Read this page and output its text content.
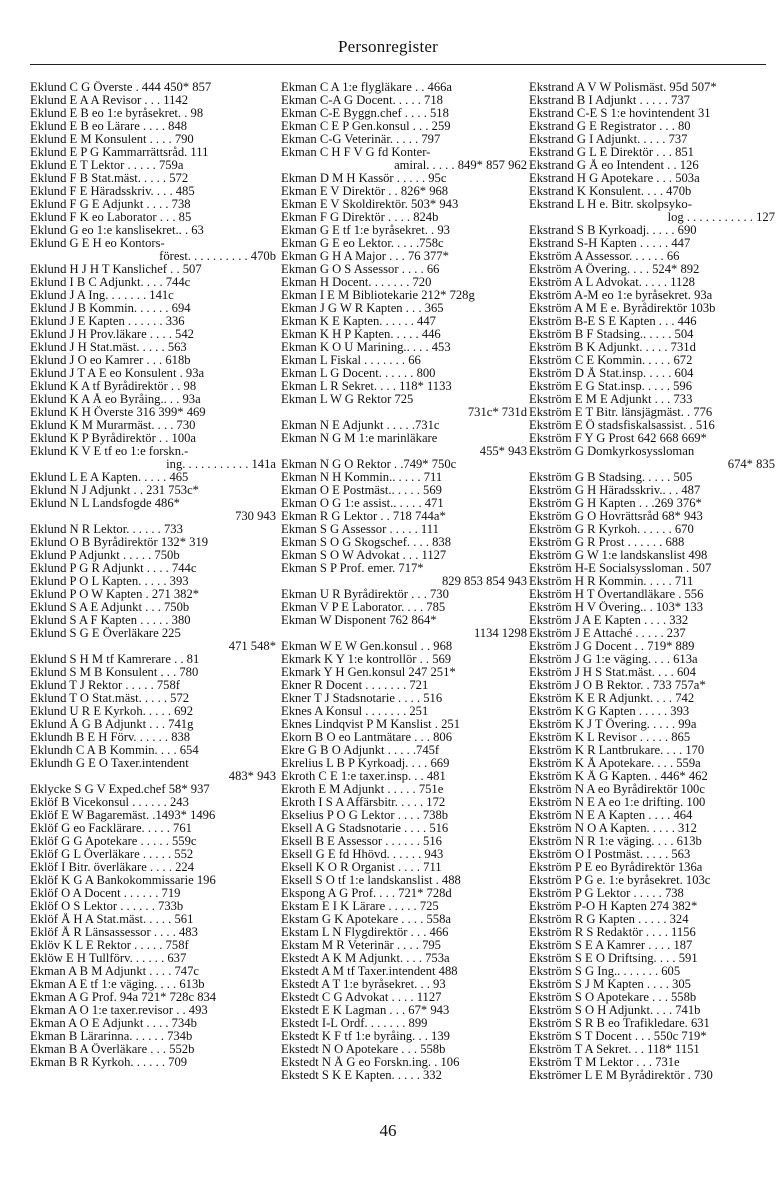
Personregister
Eklund C G Överste . 444 450* 857
Eklund E A A Revisor . . . 1142
Eklund E B eo 1:e byråsekret. . 98
Eklund E B eo Lärare . . . . 848
Eklund E M Konsulent . . . . 790
Eklund E P G Kammarrättsråd. 111
Eklund E T Lektor . . . . . 759a
Eklund F B Stat.mäst. . . . . 572
Eklund F E Häradsskriv. . . . 485
Eklund F G E Adjunkt . . . . 738
Eklund F K eo Laborator . . . 85
Eklund G eo 1:e kanslisekret.. . 63
Eklund G E H eo Kontors-
förest. . . . . . . . . . 470b
Eklund H J H T Kanslichef . . 507
Eklund I B C Adjunkt. . . . 744c
Eklund J A Ing. . . . . . . 141c
Eklund J B Kommin. . . . . . 694
Eklund J E Kapten . . . . . . 336
Eklund J H Prov.läkare . . . . 542
Eklund J H Stat.mäst. . . . . 563
Eklund J O eo Kamrer . . . 618b
Eklund J T A E eo Konsulent . 93a
Eklund K A tf Byrådirektör . . 98
Eklund K A Å eo Byråing.. . . 93a
Eklund K H Överste 316 399* 469
Eklund K M Murarmäst. . . . 730
Eklund K P Byrådirektör . . 100a
Eklund K V E tf eo 1:e forskn.-
ing. . . . . . . . . . . 141a
Eklund L E A Kapten. . . . . 465
Eklund N J Adjunkt . . 231 753c*
Eklund N L Landsfogde 486*
730 943
Eklund N R Lektor. . . . . . 733
Eklund O B Byrådirektör 132* 319
Eklund P Adjunkt . . . . . 750b
Eklund P G R Adjunkt . . . . 744c
Eklund P O L Kapten. . . . . 393
Eklund P O W Kapten . 271 382*
Eklund S A E Adjunkt . . . 750b
Eklund S A F Kapten . . . . . 380
Eklund S G E Överläkare 225
471 548*
Eklund S H M tf Kamrerare . . 81
Eklund S M B Konsulent . . . 780
Eklund T J Rektor . . . . . 758f
Eklund T O Stat.mäst. . . . . 572
Eklund U R E Kyrkoh. . . . . 692
Eklund Å G B Adjunkt . . . 741g
Eklundh B E H Förv. . . . . . 838
Eklundh C A B Kommin. . . . 654
Eklundh G E O Taxer.intendent
483* 943
Eklycke S G V Exped.chef 58* 937
Eklöf B Vicekonsul . . . . . . 243
Eklöf E W Bagaremäst. .1493* 1496
Eklöf G eo Facklärare. . . . . 761
Eklöf G G Apotekare . . . . . 559c
Eklöf G L Överläkare . . . . . 552
Eklöf I Bitr. överläkare . . . . 224
Eklöf K G A Bankokommissarie 196
Eklöf O A Docent . . . . . . 719
Eklöf O S Lektor . . . . . . 733b
Eklöf Å H A Stat.mäst. . . . . 561
Eklöf Å R Länsassessor . . . . 483
Eklöv K L E Rektor . . . . . 758f
Eklöw E H Tullförv. . . . . . 637
Ekman A B M Adjunkt . . . . 747c
Ekman A E tf 1:e väging. . . . 613b
Ekman A G Prof. 94a 721* 728c 834
Ekman A O 1:e taxer.revisor . . 493
Ekman A O E Adjunkt . . . . 734b
Ekman B Lärarinna. . . . . . 734b
Ekman B A Överläkare . . . 552b
Ekman B R Kyrkoh. . . . . . 709
Ekman C A 1:e flygläkare . . 466a
Ekman C-A G Docent. . . . . 718
Ekman C-E Byggn.chef . . . . 518
Ekman C E P Gen.konsul . . . 259
Ekman C-G Veterinär. . . . . 797
Ekman C H F V G fd Konter-
amiral. . . . . 849* 857 962
Ekman D M H Kassör . . . . . 95c
Ekman E V Direktör . . 826* 968
Ekman E V Skoldirektör. 503* 943
Ekman F G Direktör . . . . 824b
Ekman G E tf 1:e byråsekret. . 93
Ekman G E eo Lektor. . . . .758c
Ekman G H A Major . . . 76 377*
Ekman G O S Assessor . . . . 66
Ekman H Docent. . . . . . . 720
Ekman I E M Bibliotekarie 212* 728g
Ekman J G W R Kapten . . . 365
Ekman K E Kapten. . . . . . 447
Ekman K H P Kapten. . . . . 446
Ekman K O U Marining.. . . . 453
Ekman L Fiskal . . . . . . . 66
Ekman L G Docent. . . . . . 800
Ekman L R Sekret. . . . 118* 1133
Ekman L W G Rektor 725
731c* 731d
Ekman N E Adjunkt . . . . .731c
Ekman N G M 1:e marinläkare
455* 943
Ekman N G O Rektor . .749* 750c
Ekman N H Kommin.. . . . . 711
Ekman O E Postmäst.. . . . . 569
Ekman O G 1:e assist.. . . . . 471
Ekman R G Lektor . . 718 744a*
Ekman S G Assessor . . . . . 111
Ekman S O G Skogschef. . . . 838
Ekman S O W Advokat . . . 1127
Ekman S P Prof. emer. 717*
829 853 854 943
Ekman U R Byrådirektör . . . 730
Ekman V P E Laborator. . . . 785
Ekman W Disponent 762 864*
1134 1298
Ekman W E W Gen.konsul . . 968
Ekmark K Y 1:e kontrollör . . 569
Ekmark Y H Gen.konsul 247 251*
Ekner R Docent . . . . . . . 721
Ekner T J Stadsnotarie . . . . 516
Eknes A Konsul . . . . . . . 251
Eknes Lindqvist P M Kanslist . 251
Ekorn B O eo Lantmätare . . . 806
Ekre G B O Adjunkt . . . . .745f
Ekrelius L B P Kyrkoadj. . . . 669
Ekroth C E 1:e taxer.insp. . . 481
Ekroth E M Adjunkt . . . . . 751e
Ekroth I S A Affärsbitr. . . . . 172
Ekselius P O G Lektor . . . . 738b
Eksell A G Stadsnotarie . . . . 516
Eksell B E Assessor . . . . . . 516
Eksell G E fd Hhövd. . . . . . 943
Eksell K O R Organist . . . . 711
Eksell S O tf 1:e landskanslist . 488
Ekspong A G Prof. . . . 721* 728d
Ekstam E I K Lärare . . . . . 725
Ekstam G K Apotekare . . . . 558a
Ekstam L N Flygdirektör . . . 466
Ekstam M R Veterinär . . . . 795
Ekstedt A K M Adjunkt. . . . 753a
Ekstedt A M tf Taxer.intendent 488
Ekstedt A T 1:e byråsekret. . . 93
Ekstedt C G Advokat . . . . 1127
Ekstedt E K Lagman . . . 67* 943
Ekstedt I-L Ordf. . . . . . . 899
Ekstedt K F tf 1:e byråing. . . 139
Ekstedt N O Apotekare . . . 558b
Ekstedt N Å G eo Forskn.ing. . 106
Ekstedt S K E Kapten. . . . . 332
Ekstrand A V W Polismäst. 95d 507*
Ekstrand B I Adjunkt . . . . . 737
Ekstrand C-E S 1:e hovintendent 31
Ekstrand G E Registrator . . . 80
Ekstrand G I Adjunkt. . . . . 737
Ekstrand G L E Direktör . . . 851
Ekstrand G Å eo Intendent . . 126
Ekstrand H G Apotekare . . . 503a
Ekstrand K Konsulent. . . . 470b
Ekstrand L H e. Bitr. skolpsyko-
log . . . . . . . . . . . 127
Ekstrand S B Kyrkoadj. . . . . 690
Ekstrand S-H Kapten . . . . . 447
Ekström A Assessor. . . . . . 66
Ekström A Övering. . . . 524* 892
Ekström A L Advokat. . . . . 1128
Ekström A-M eo 1:e byråsekret. 93a
Ekström A M E e. Byrådirektör 103b
Ekström B-E S E Kapten . . . 446
Ekström B F Stadsing.. . . . . 504
Ekström B K Adjunkt. . . . . 731d
Ekström C E Kommin. . . . . 672
Ekström D Å Stat.insp. . . . . 604
Ekström E G Stat.insp. . . . . 596
Ekström E M E Adjunkt . . . 733
Ekström E T Bitr. länsjägmäst. . 776
Ekström E Ö stadsfiskalsassist. . 516
Ekström F Y G Prost 642 668 669*
Ekström G Domkyrkosyssloman
674* 835
Ekström G B Stadsing. . . . . 505
Ekström G H Häradsskriv.. . . 487
Ekström G H Kapten . . .269 376*
Ekström G O Hovrättsråd 68* 943
Ekström G R Kyrkoh. . . . . . 670
Ekström G R Prost . . . . . . 688
Ekström G W 1:e landskanslist 498
Ekström H-E Socialsyssloman . 507
Ekström H R Kommin. . . . . 711
Ekström H T Övertandläkare . 556
Ekström H V Övering.. . 103* 133
Ekström J A E Kapten . . . . 332
Ekström J E Attaché . . . . . 237
Ekström J G Docent . . 719* 889
Ekström J G 1:e väging. . . . 613a
Ekström J H S Stat.mäst. . . . 604
Ekström J O B Rektor. . 733 757a*
Ekström K E R Adjunkt. . . . 742
Ekström K G Kapten . . . . . 393
Ekström K J T Övering. . . . . 99a
Ekström K L Revisor . . . . . 865
Ekström K R Lantbrukare. . . . 170
Ekström K Å Apotekare. . . . 559a
Ekström K Å G Kapten. . 446* 462
Ekström N A eo Byrådirektör 100c
Ekström N E A eo 1:e drifting. 100
Ekström N E A Kapten . . . . 464
Ekström N O A Kapten. . . . . 312
Ekström N R 1:e väging. . . . 613b
Ekström O I Postmäst. . . . . 563
Ekström P E eo Byrådirektör 136a
Ekström P G e. 1:e byråsekret. 103c
Ekström P G Lektor . . . . . 738
Ekström P-O H Kapten 274 382*
Ekström R G Kapten . . . . . 324
Ekström R S Redaktör . . . . 1156
Ekström S E A Kamrer . . . . 187
Ekström S E O Driftsing. . . . 591
Ekström S G Ing.. . . . . . . 605
Ekström S J M Kapten . . . . 305
Ekström S O Apotekare . . . 558b
Ekström S O H Adjunkt. . . . 741b
Ekström S R B eo Trafikledare. 631
Ekström S T Docent . . . 550c 719*
Ekström T A Sekret. . . 118* 1151
Ekström T M Lektor . . . 731e
Ekströmer L E M Byrådirektör . 730
46
